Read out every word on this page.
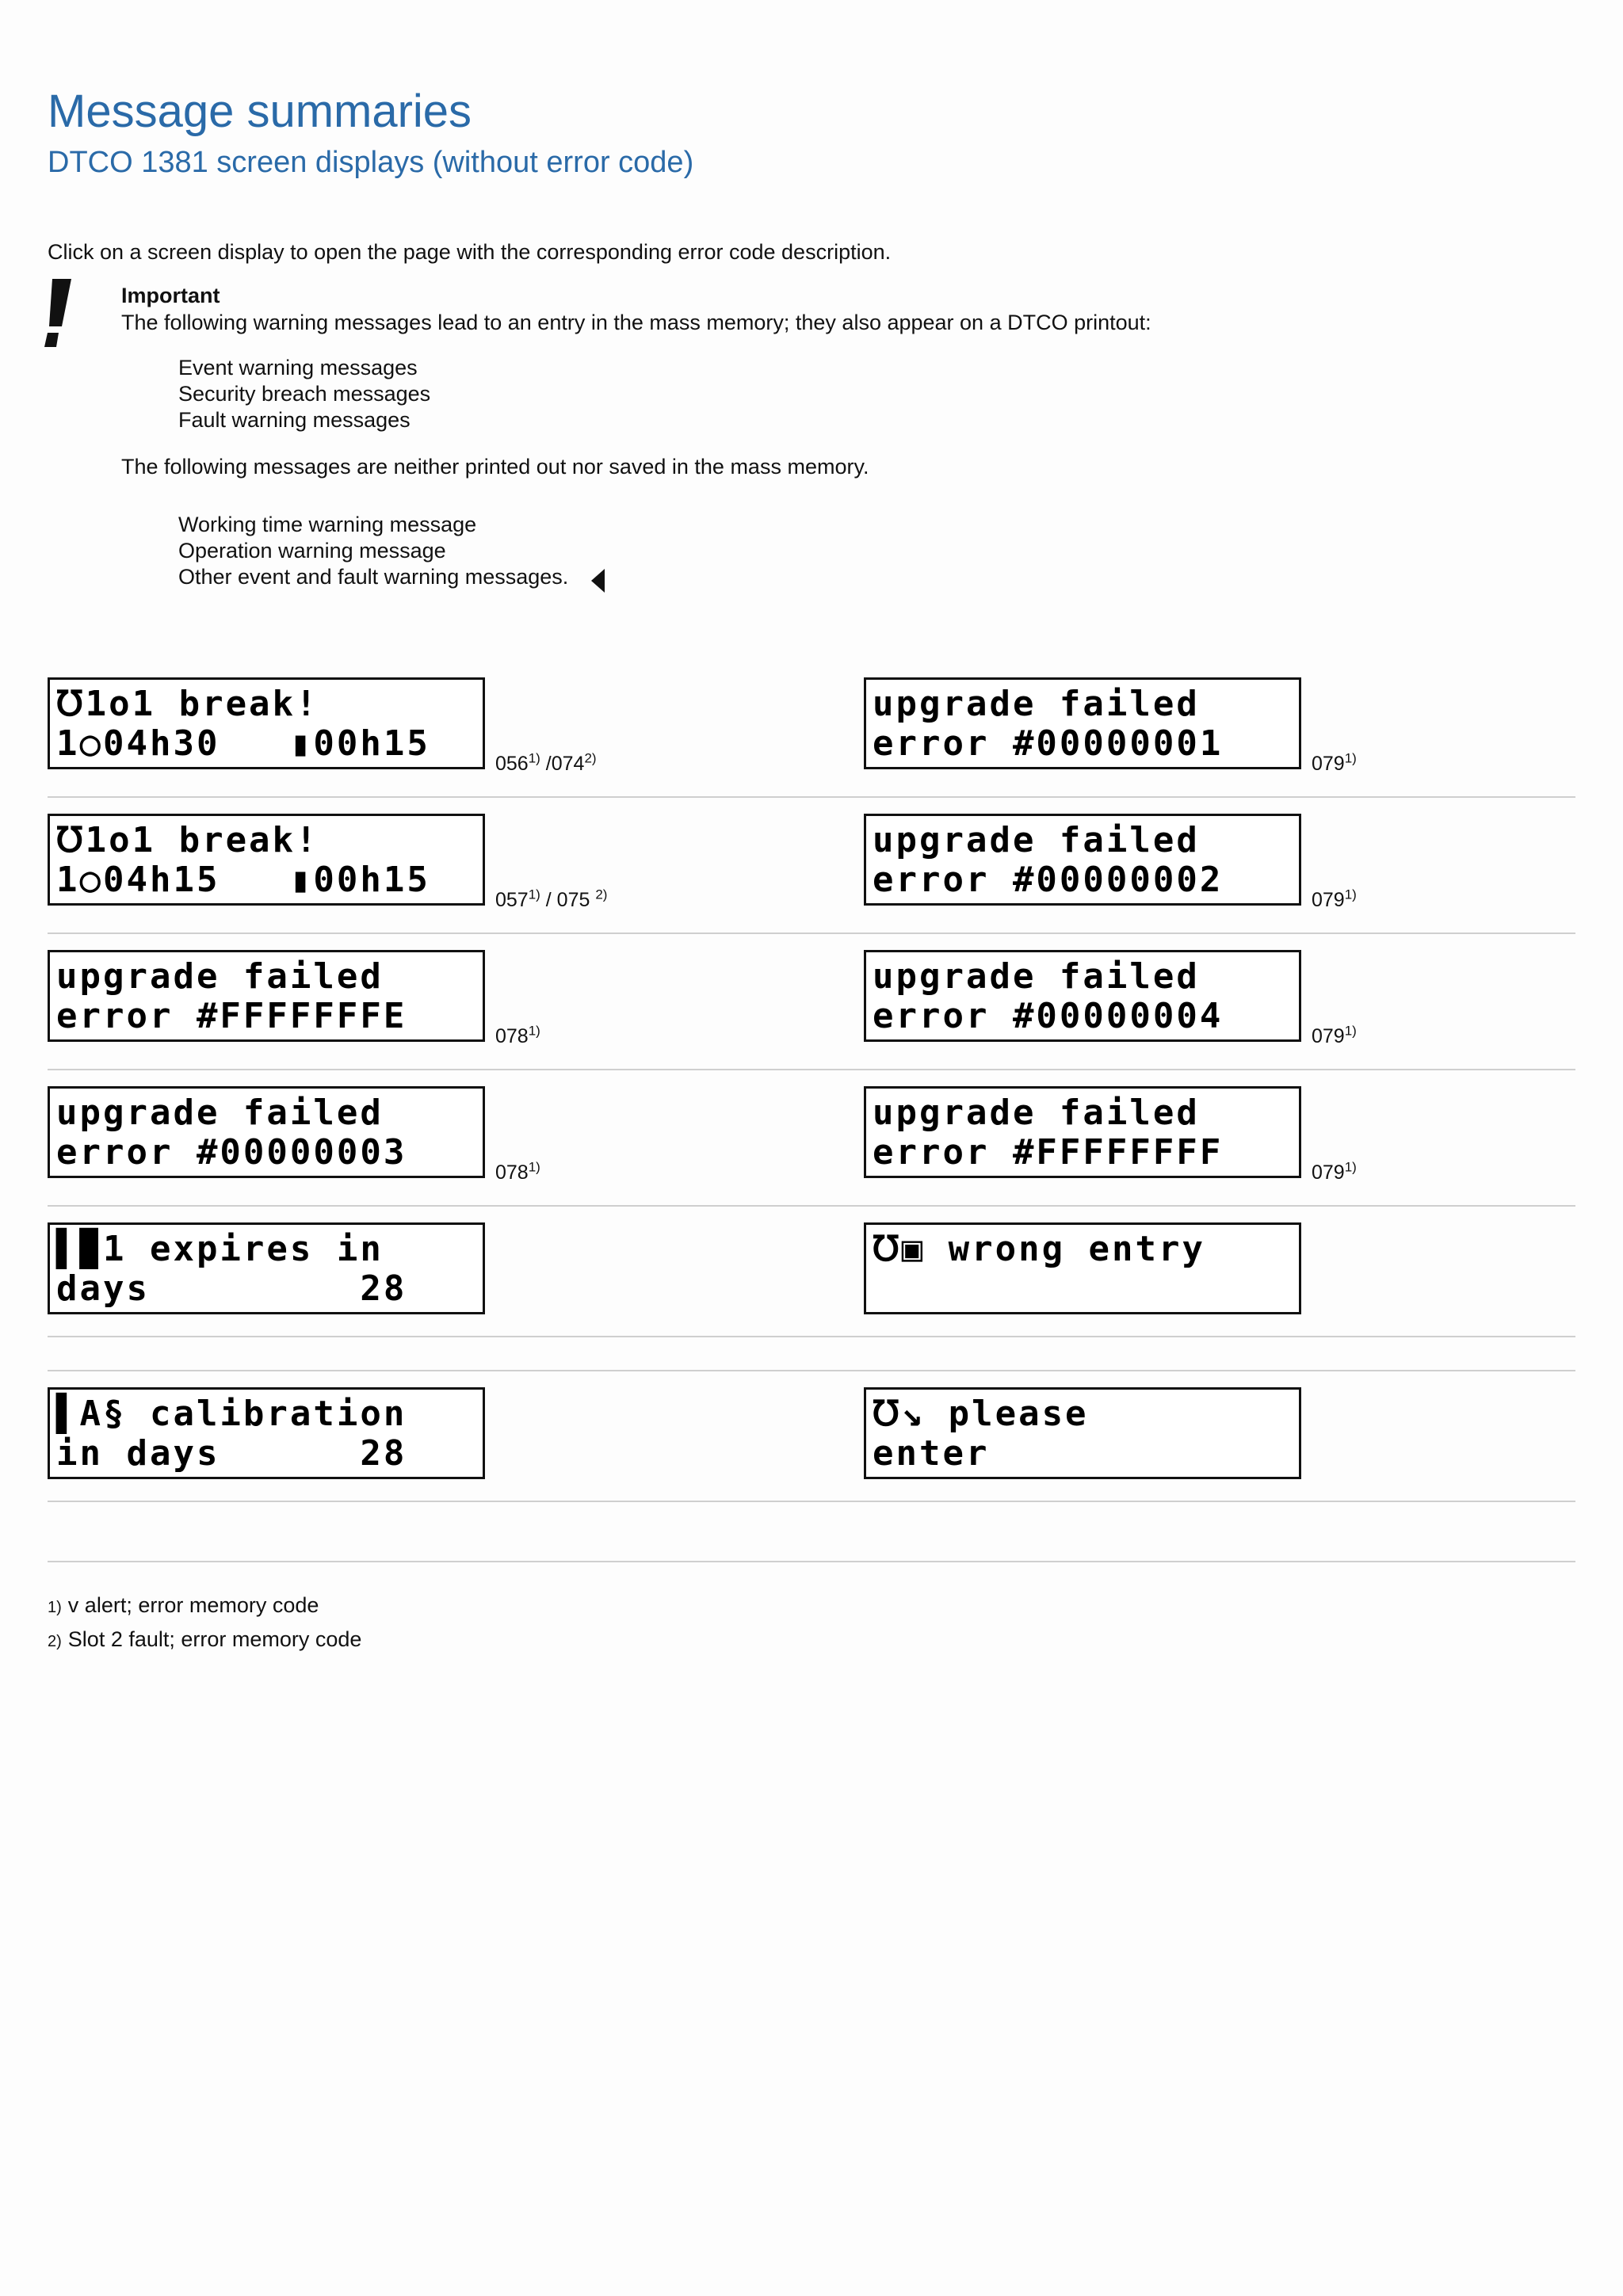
Message summaries
DTCO 1381 screen displays (without error code)
Click on a screen display to open the page with the corresponding error code description.
Important
The following warning messages lead to an entry in the mass memory; they also appear on a DTCO printout:
Event warning messages
Security breach messages
Fault warning messages
The following messages are neither printed out nor saved in the mass memory.
Working time warning message
Operation warning message
Other event and fault warning messages.
℧1o1 break!
1○04h30   ▮00h15	056$^{1)}$ /074$^{2)}$
upgrade failed
error #00000001	079$^{1)}$
℧1o1 break!
1○04h15   ▮00h15	057$^{1)}$ / 075 $^{2)}$
upgrade failed
error #00000002	079$^{1)}$
upgrade failed
error #FFFFFFFE	078$^{1)}$
upgrade failed
error #00000004	079$^{1)}$
upgrade failed
error #00000003	078$^{1)}$
upgrade failed
error #FFFFFFFF	079$^{1)}$
▌▉1 expires in
days         28
℧▣ wrong entry
▌A§ calibration
in days      28
℧↘ please
enter
1) v alert; error memory code
2) Slot 2 fault; error memory code
